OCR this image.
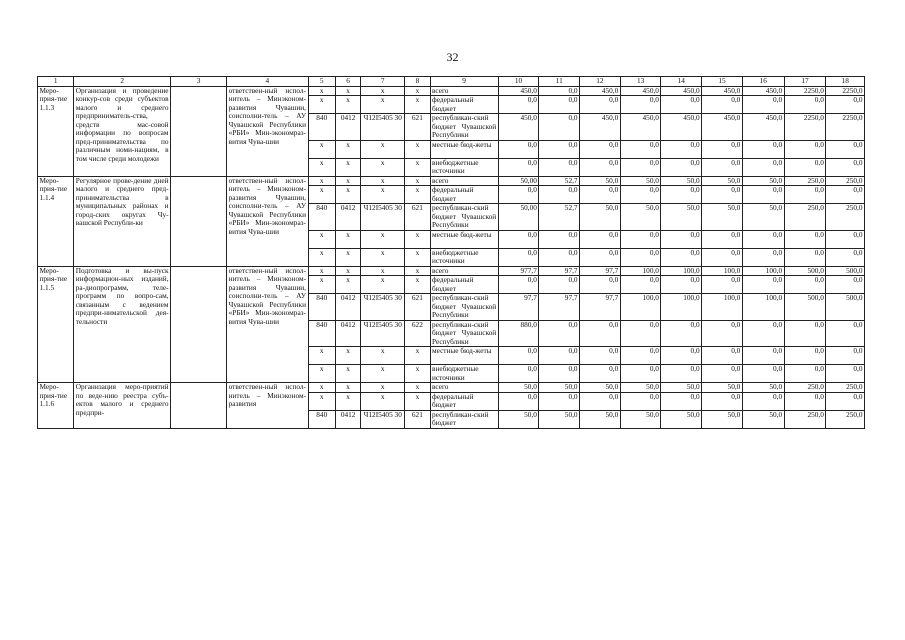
32
1	2	3	4	5	6	7	8	9	10	11	12	13	14	15	16	17	18
Меро-прия-тие 1.1.3	Организация и проведение конкур-сов среди субъектов малого и среднего предприниматель-ства, средств мас-совой информации по вопросам пред-принимательства по различным номи-нациям, в том числе среди молодежи		ответствен-ный испол-нитель – Минэконом-развития Чувашии, соисполни-тель – АУ Чувашской Республики «РБИ» Мин-экономраз-вития Чува-шии	x	x	x	x	всего	450,0	0,0	450,0	450,0	450,0	450,0	450,0	2250,0	2250,0
				x	x	x	x	федеральный бюджет	0,0	0,0	0,0	0,0	0,0	0,0	0,0	0,0	0,0
				840	0412	Ч12I5405 30	621	республикан-ский бюджет Чувашской Республики	450,0	0,0	450,0	450,0	450,0	450,0	450,0	2250,0	2250,0
				x	x	x	x	местные бюд-жеты	0,0	0,0	0,0	0,0	0,0	0,0	0,0	0,0	0,0
				x	x	x	x	внебюджетные источники	0,0	0,0	0,0	0,0	0,0	0,0	0,0	0,0	0,0
Меро-прия-тие 1.1.4	Регулярное прове-дение дней малого и среднего пред-принимательства в муниципальных районах и город-ских округах Чу-вашской Республи-ки		ответствен-ный испол-нитель – Минэконом-развития Чувашии, соисполни-тель – АУ Чувашской Республики «РБИ» Мин-экономраз-вития Чува-шии	x	x	x	x	всего	50,00	52,7	50,0	50,0	50,0	50,0	50,0	250,0	250,0
				x	x	x	x	федеральный бюджет	0,0	0,0	0,0	0,0	0,0	0,0	0,0	0,0	0,0
				840	0412	Ч12I5405 30	621	республикан-ский бюджет Чувашской Республики	50,00	52,7	50,0	50,0	50,0	50,0	50,0	250,0	250,0
				x	x	x	x	местные бюд-жеты	0,0	0,0	0,0	0,0	0,0	0,0	0,0	0,0	0,0
				x	x	x	x	внебюджетные источники	0,0	0,0	0,0	0,0	0,0	0,0	0,0	0,0	0,0
Меро-прия-тие 1.1.5	Подготовка и вы-пуск информацион-ных изданий, ра-диопрограмм, теле-программ по вопро-сам, связанным с ведением предпри-нимательской дея-тельности		ответствен-ный испол-нитель – Минэконом-развития Чувашии, соисполни-тель – АУ Чувашской Республики «РБИ» Мин-экономраз-вития Чува-шии	x	x	x	x	всего	977,7	97,7	97,7	100,0	100,0	100,0	100,0	500,0	500,0
				x	x	x	x	федеральный бюджет	0,0	0,0	0,0	0,0	0,0	0,0	0,0	0,0	0,0
				840	0412	Ч12I5405 30	621	республикан-ский бюджет Чувашской Республики	97,7	97,7	97,7	100,0	100,0	100,0	100,0	500,0	500,0
				840	0412	Ч12I5405 30	622	республикан-ский бюджет Чувашской Республики	880,0	0,0	0,0	0,0	0,0	0,0	0,0	0,0	0,0
				x	x	x	x	местные бюд-жеты	0,0	0,0	0,0	0,0	0,0	0,0	0,0	0,0	0,0
				x	x	x	x	внебюджетные источники	0,0	0,0	0,0	0,0	0,0	0,0	0,0	0,0	0,0
Меро-прия-тие 1.1.6	Организация меро-приятий по веде-нию реестра субъ-ектов малого и среднего предпри-		ответствен-ный испол-нитель – Минэконом-развития	x	x	x	x	всего	50,0	50,0	50,0	50,0	50,0	50,0	50,0	250,0	250,0
				x	x	x	x	федеральный бюджет	0,0	0,0	0,0	0,0	0,0	0,0	0,0	0,0	0,0
				840	0412	Ч12I5405 30	621	республикан-ский бюджет	50,0	50,0	50,0	50,0	50,0	50,0	50,0	250,0	250,0
